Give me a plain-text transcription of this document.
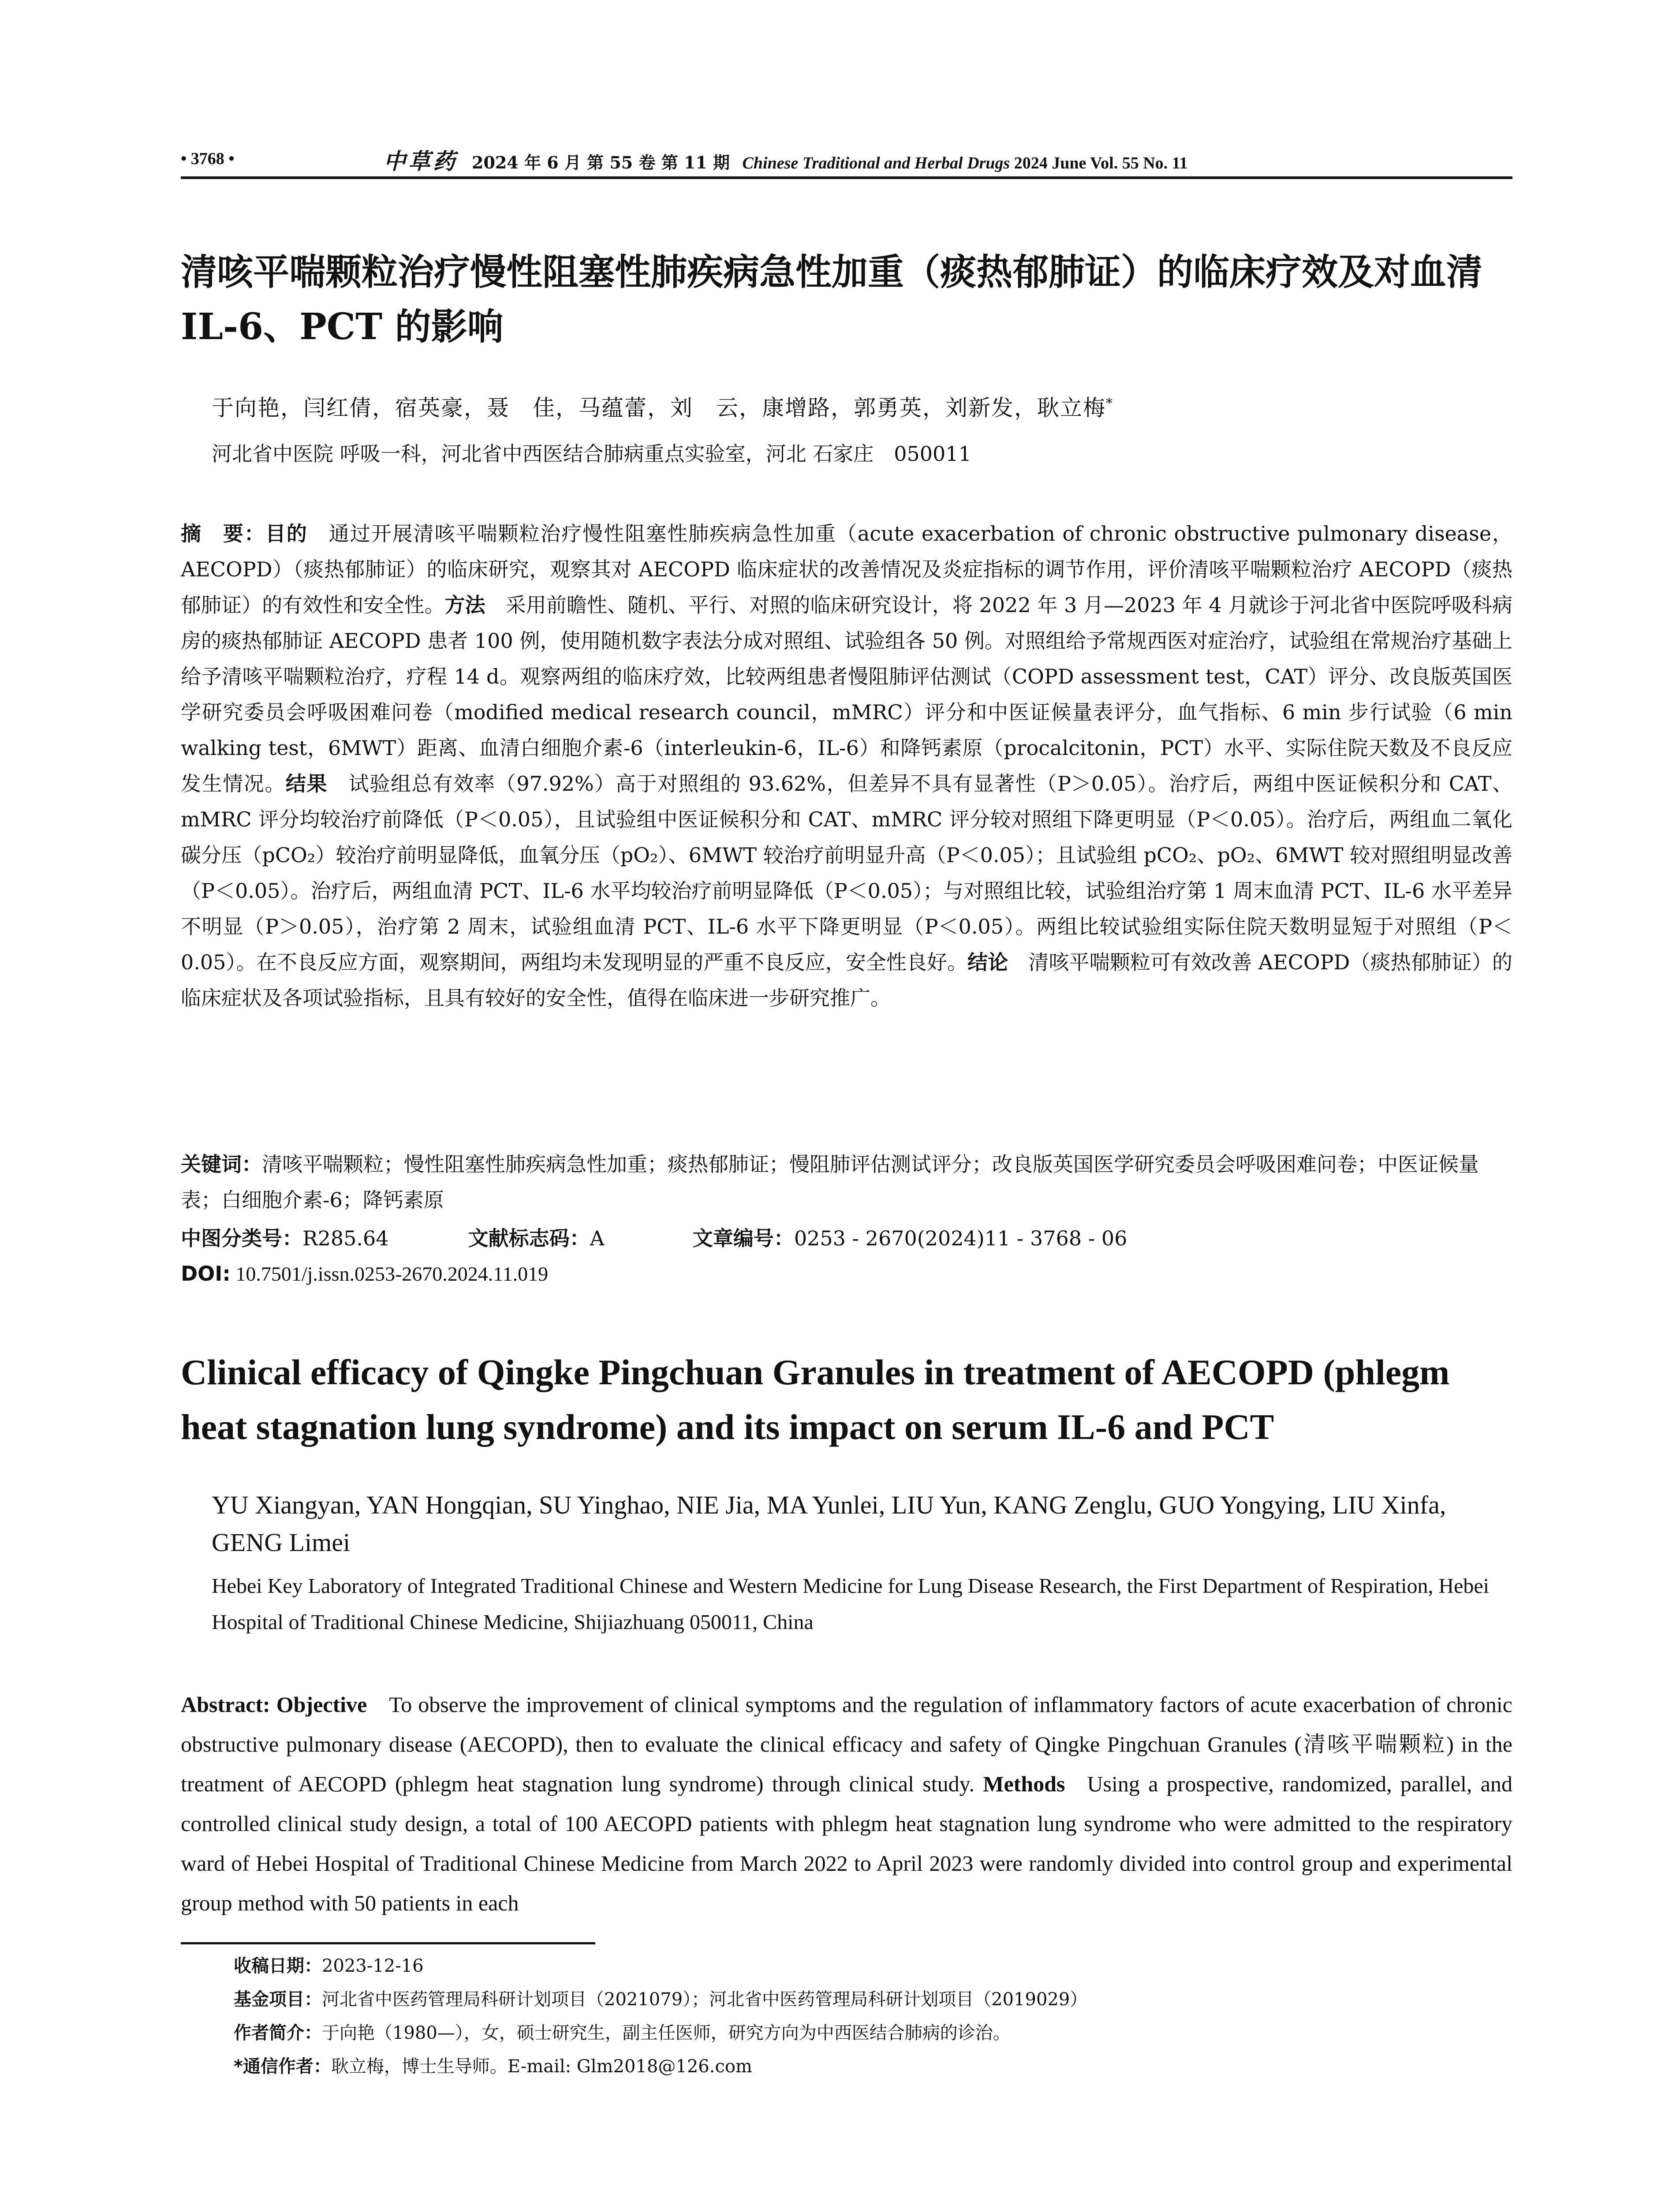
• 3768 •	中草药 2024 年 6 月 第 55 卷 第 11 期 Chinese Traditional and Herbal Drugs 2024 June Vol. 55 No. 11
清咳平喘颗粒治疗慢性阻塞性肺疾病急性加重（痰热郁肺证）的临床疗效及对血清 IL-6、PCT 的影响
于向艳，闫红倩，宿英豪，聂　佳，马蕴蕾，刘　云，康增路，郭勇英，刘新发，耿立梅*
河北省中医院 呼吸一科，河北省中西医结合肺病重点实验室，河北 石家庄　050011
摘　要：目的  通过开展清咳平喘颗粒治疗慢性阻塞性肺疾病急性加重（acute exacerbation of chronic obstructive pulmonary disease，AECOPD）（痰热郁肺证）的临床研究，观察其对 AECOPD 临床症状的改善情况及炎症指标的调节作用，评价清咳平喘颗粒治疗 AECOPD（痰热郁肺证）的有效性和安全性。方法  采用前瞻性、随机、平行、对照的临床研究设计，将 2022 年 3 月—2023 年 4 月就诊于河北省中医院呼吸科病房的痰热郁肺证 AECOPD 患者 100 例，使用随机数字表法分成对照组、试验组各 50 例。对照组给予常规西医对症治疗，试验组在常规治疗基础上给予清咳平喘颗粒治疗，疗程 14 d。观察两组的临床疗效，比较两组患者慢阻肺评估测试（COPD assessment test，CAT）评分、改良版英国医学研究委员会呼吸困难问卷（modified medical research council，mMRC）评分和中医证候量表评分，血气指标、6 min 步行试验（6 min walking test，6MWT）距离、血清白细胞介素-6（interleukin-6，IL-6）和降钙素原（procalcitonin，PCT）水平、实际住院天数及不良反应发生情况。结果  试验组总有效率（97.92%）高于对照组的 93.62%，但差异不具有显著性（P＞0.05）。治疗后，两组中医证候积分和 CAT、mMRC 评分均较治疗前降低（P＜0.05），且试验组中医证候积分和 CAT、mMRC 评分较对照组下降更明显（P＜0.05）。治疗后，两组血二氧化碳分压（pCO₂）较治疗前明显降低，血氧分压（pO₂）、6MWT 较治疗前明显升高（P＜0.05）；且试验组 pCO₂、pO₂、6MWT 较对照组明显改善（P＜0.05）。治疗后，两组血清 PCT、IL-6 水平均较治疗前明显降低（P＜0.05）；与对照组比较，试验组治疗第 1 周末血清 PCT、IL-6 水平差异不明显（P＞0.05），治疗第 2 周末，试验组血清 PCT、IL-6 水平下降更明显（P＜0.05）。两组比较试验组实际住院天数明显短于对照组（P＜0.05）。在不良反应方面，观察期间，两组均未发现明显的严重不良反应，安全性良好。结论  清咳平喘颗粒可有效改善 AECOPD（痰热郁肺证）的临床症状及各项试验指标，且具有较好的安全性，值得在临床进一步研究推广。
关键词：清咳平喘颗粒；慢性阻塞性肺疾病急性加重；痰热郁肺证；慢阻肺评估测试评分；改良版英国医学研究委员会呼吸困难问卷；中医证候量表；白细胞介素-6；降钙素原
中图分类号：R285.64	文献标志码：A	文章编号：0253 - 2670(2024)11 - 3768 - 06
DOI: 10.7501/j.issn.0253-2670.2024.11.019
Clinical efficacy of Qingke Pingchuan Granules in treatment of AECOPD (phlegm heat stagnation lung syndrome) and its impact on serum IL-6 and PCT
YU Xiangyan, YAN Hongqian, SU Yinghao, NIE Jia, MA Yunlei, LIU Yun, KANG Zenglu, GUO Yongying, LIU Xinfa, GENG Limei
Hebei Key Laboratory of Integrated Traditional Chinese and Western Medicine for Lung Disease Research, the First Department of Respiration, Hebei Hospital of Traditional Chinese Medicine, Shijiazhuang 050011, China
Abstract: Objective  To observe the improvement of clinical symptoms and the regulation of inflammatory factors of acute exacerbation of chronic obstructive pulmonary disease (AECOPD), then to evaluate the clinical efficacy and safety of Qingke Pingchuan Granules (清咳平喘颗粒) in the treatment of AECOPD (phlegm heat stagnation lung syndrome) through clinical study. Methods  Using a prospective, randomized, parallel, and controlled clinical study design, a total of 100 AECOPD patients with phlegm heat stagnation lung syndrome who were admitted to the respiratory ward of Hebei Hospital of Traditional Chinese Medicine from March 2022 to April 2023 were randomly divided into control group and experimental group method with 50 patients in each
收稿日期：2023-12-16
基金项目：河北省中医药管理局科研计划项目（2021079）；河北省中医药管理局科研计划项目（2019029）
作者简介：于向艳（1980—），女，硕士研究生，副主任医师，研究方向为中西医结合肺病的诊治。
*通信作者：耿立梅，博士生导师。E-mail: Glm2018@126.com
